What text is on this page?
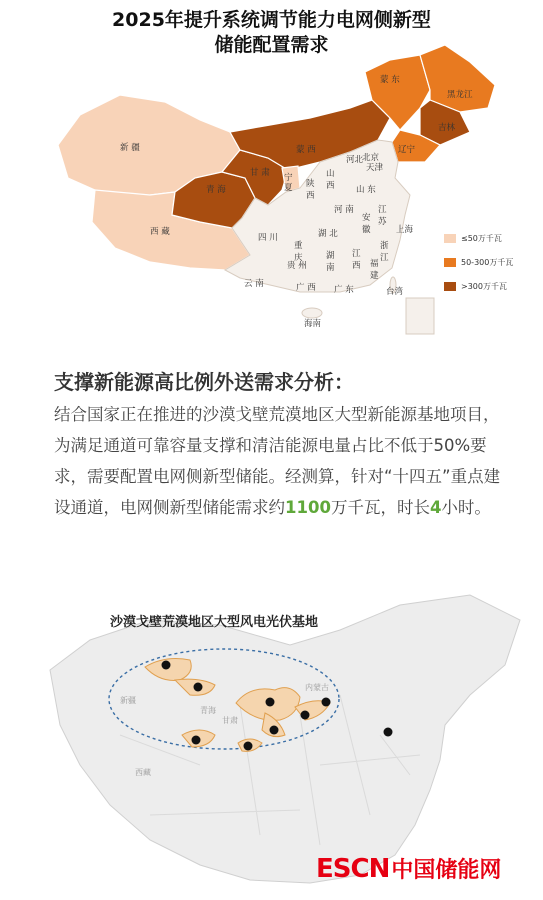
新 疆
西 藏
青 海
甘 肃 宁
夏
蒙 西
蒙 东
黑龙江
吉林
辽宁
河北
北京
天津
山
西
陕
西
山 东
河 南	江
苏
安
徽	上海
湖 北
四 川
重
庆
浙
江
贵 州
湖
南
江
西 福
建
云 南	广 西 广 东	台湾
海南
2025年提升系统调节能力电网侧新型
储能配置需求
≤50万千瓦
50-300万千瓦
>300万千瓦
支撑新能源高比例外送需求分析：
结合国家正在推进的沙漠戈壁荒漠地区大型新能源基地项目，为满足通道可靠容量支撑和清洁能源电量占比不低于50%要求，需要配置电网侧新型储能。经测算，针对“十四五”重点建设通道，电网侧新型储能需求约1100万千瓦，时长4小时。
新疆
西藏
甘肃
青海
内蒙古
沙漠戈壁荒漠地区大型风电光伏基地
ESCN 中国储能网
